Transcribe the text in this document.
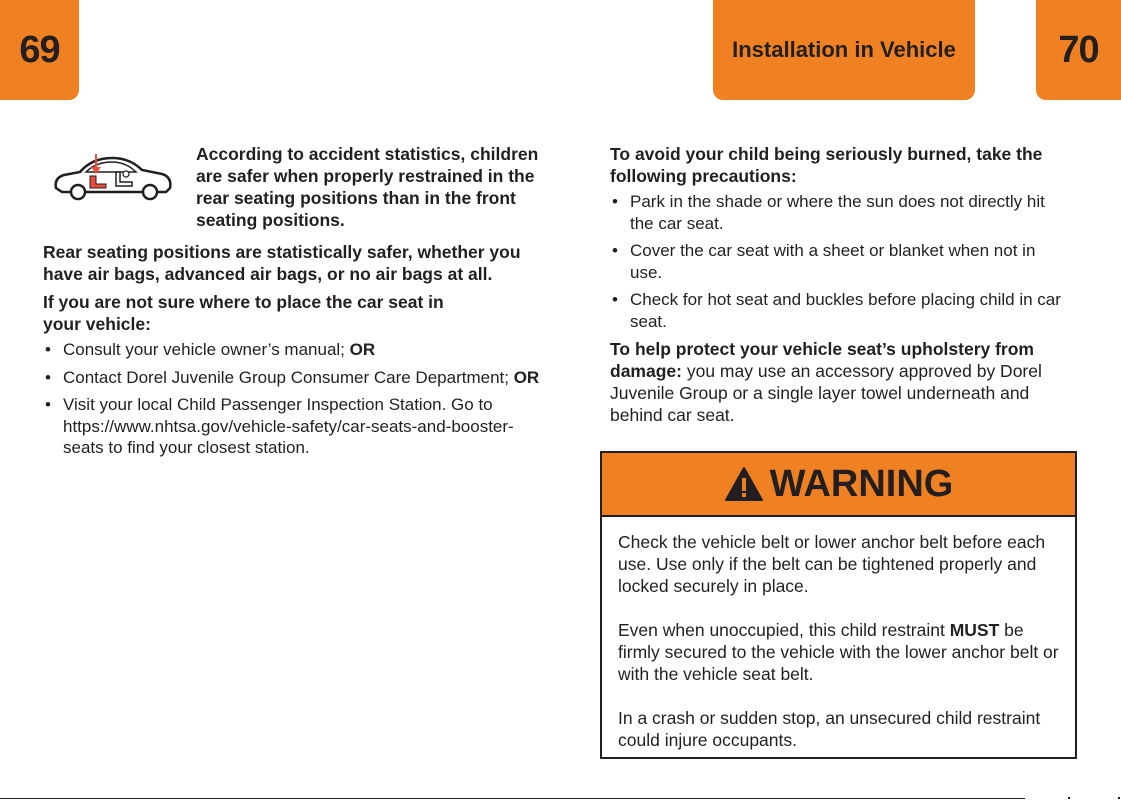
69	Installation in Vehicle	70

According to accident statistics, children are safer when properly restrained in the rear seating positions than in the front seating positions.

Rear seating positions are statistically safer, whether you have air bags, advanced air bags, or no air bags at all.

If you are not sure where to place the car seat in your vehicle:

• Consult your vehicle owner’s manual; OR
• Contact Dorel Juvenile Group Consumer Care Department; OR
• Visit your local Child Passenger Inspection Station. Go to https://www.nhtsa.gov/vehicle-safety/car-seats-and-booster-seats to find your closest station.

To avoid your child being seriously burned, take the following precautions:

• Park in the shade or where the sun does not directly hit the car seat.
• Cover the car seat with a sheet or blanket when not in use.
• Check for hot seat and buckles before placing child in car seat.

To help protect your vehicle seat’s upholstery from damage: you may use an accessory approved by Dorel Juvenile Group or a single layer towel underneath and behind car seat.

WARNING

Check the vehicle belt or lower anchor belt before each use. Use only if the belt can be tightened properly and locked securely in place.

Even when unoccupied, this child restraint MUST be firmly secured to the vehicle with the lower anchor belt or with the vehicle seat belt.

In a crash or sudden stop, an unsecured child restraint could injure occupants.
